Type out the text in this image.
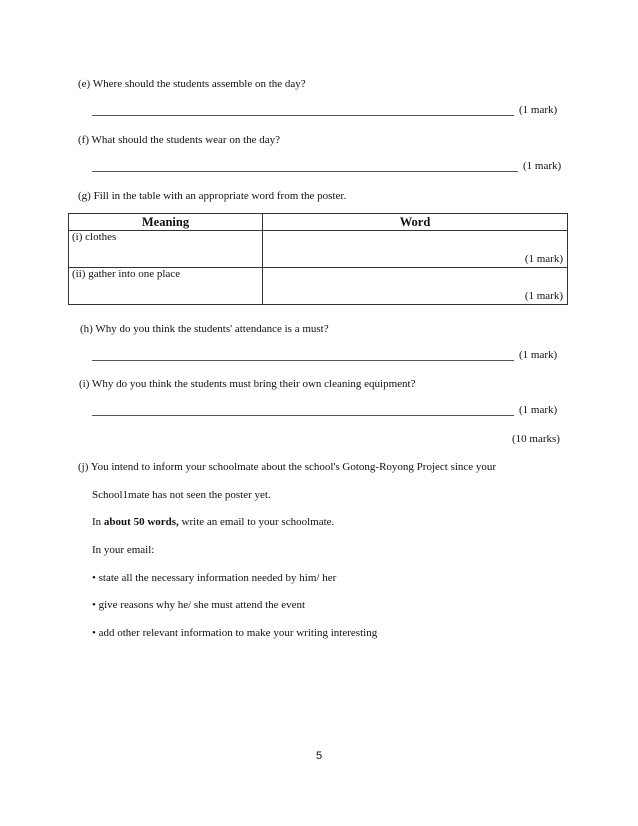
(e) Where should the students assemble on the day?
(1 mark)
(f) What should the students wear on the day?
(1 mark)
(g) Fill in the table with an appropriate word from the poster.
Meaning	Word
(i) clothes	(1 mark)

(ii) gather into one place	(1 mark)
(h) Why do you think the students' attendance is a must?
(1 mark)
(i) Why do you think the students must bring their own cleaning equipment?
(1 mark)
(10 marks)
(j) You intend to inform your schoolmate about the school's Gotong-Royong Project since your
School1mate has not seen the poster yet.
In about 50 words, write an email to your schoolmate.
In your email:
• state all the necessary information needed by him/ her
• give reasons why he/ she must attend the event
• add other relevant information to make your writing interesting
5
